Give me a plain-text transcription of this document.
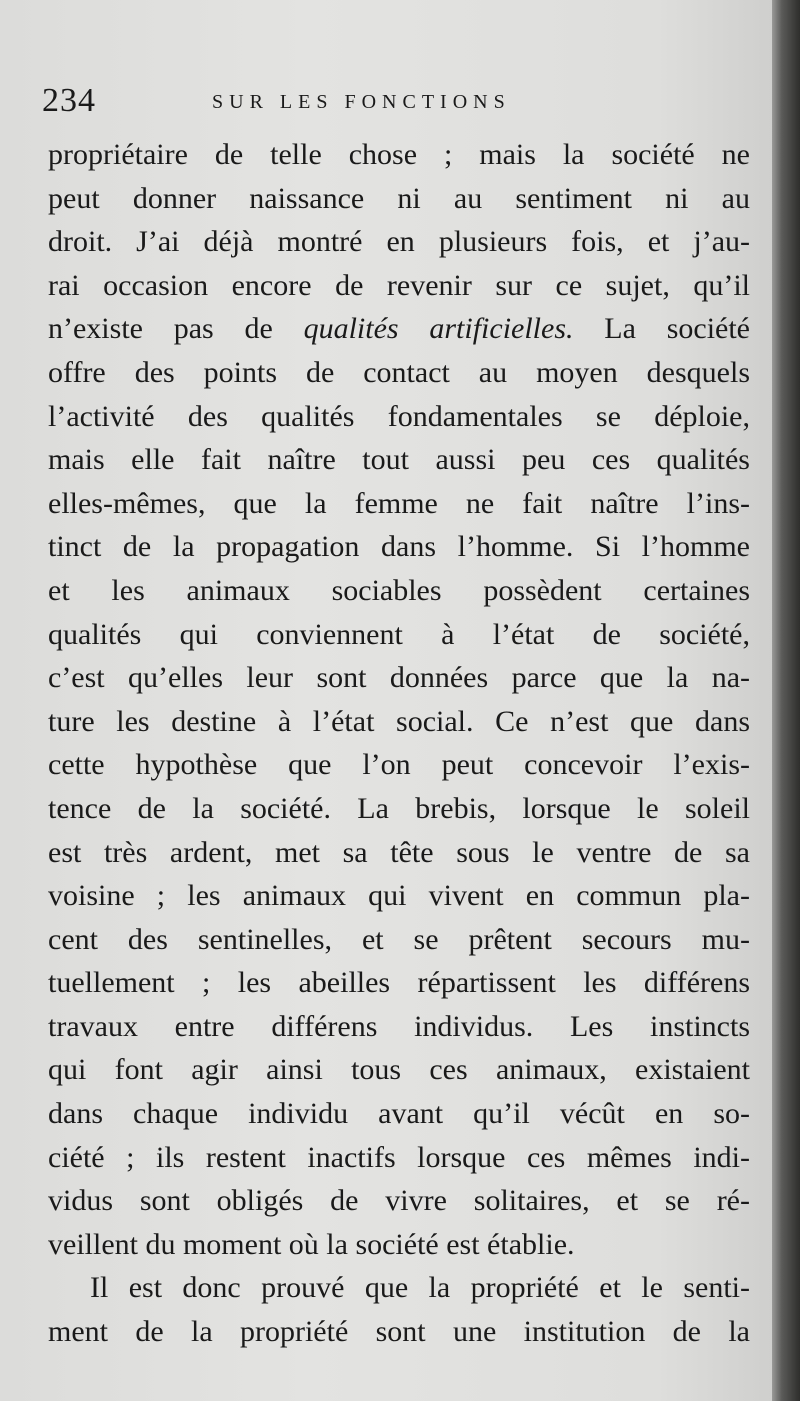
234	SUR LES FONCTIONS
propriétaire de telle chose ; mais la société ne
peut donner naissance ni au sentiment ni au
droit. J’ai déjà montré en plusieurs fois, et j’au-
rai occasion encore de revenir sur ce sujet, qu’il
n’existe pas de qualités artificielles. La société
offre des points de contact au moyen desquels
l’activité des qualités fondamentales se déploie,
mais elle fait naître tout aussi peu ces qualités
elles-mêmes, que la femme ne fait naître l’ins-
tinct de la propagation dans l’homme. Si l’homme
et les animaux sociables possèdent certaines
qualités qui conviennent à l’état de société,
c’est qu’elles leur sont données parce que la na-
ture les destine à l’état social. Ce n’est que dans
cette hypothèse que l’on peut concevoir l’exis-
tence de la société. La brebis, lorsque le soleil
est très ardent, met sa tête sous le ventre de sa
voisine ; les animaux qui vivent en commun pla-
cent des sentinelles, et se prêtent secours mu-
tuellement ; les abeilles répartissent les différens
travaux entre différens individus. Les instincts
qui font agir ainsi tous ces animaux, existaient
dans chaque individu avant qu’il vécût en so-
ciété ; ils restent inactifs lorsque ces mêmes indi-
vidus sont obligés de vivre solitaires, et se ré-
veillent du moment où la société est établie.
Il est donc prouvé que la propriété et le senti-
ment de la propriété sont une institution de la
